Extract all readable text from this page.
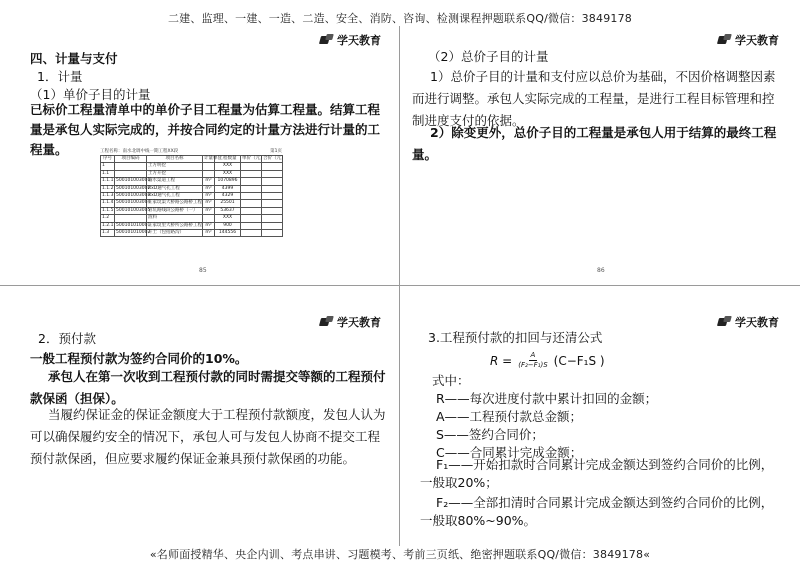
二建、监理、一建、一造、二造、安全、消防、咨询、检测课程押题联系QQ/微信：3849178
学天教育
四、计量与支付
1．计量
（1）单价子目的计量
已标价工程量清单中的单价子目工程量为估算工程量。结算工程量是承包人实际完成的，并按合同约定的计量方法进行计量的工程量。	工程名称：南水北调中线一期工程XX段	第1页
序号	项目编码	项目名称	计量单位	工程数量	单价（元）	合价（元）
1		土方明挖		XXX		
1.1		土方开挖		XXX		
1.1.1	500101003001	输水渠道工程	m³	1070896		
1.1.2	500101003002	RxD通气孔工程	m³	4399		
1.1.3	500101003003	RxD通气孔工程	m³	4329		
1.1.4	500101003004	王家坟渠大桥路公路桥工程	m³	25501		
1.1.5	500101003005	管坑路线段公路桥（一）	m³	53637		
1.2		渣料		XXX		
1.2.1	500101010001	王家坟里大桥所公路桥工程	m³	900		
1.3	500101010002	开土（包括路沟）	m³	144556		
85
学天教育
（2）总价子目的计量
1）总价子目的计量和支付应以总价为基础，不因价格调整因素而进行调整。承包人实际完成的工程量，是进行工程目标管理和控制进度支付的依据。
2）除变更外，总价子目的工程量是承包人用于结算的最终工程量。
86
学天教育
2．预付款
一般工程预付款为签约合同价的10%。
承包人在第一次收到工程预付款的同时需提交等额的工程预付款保函（担保）。
当履约保证金的保证金额度大于工程预付款额度，发包人认为可以确保履约安全的情况下，承包人可与发包人协商不提交工程预付款保函，但应要求履约保证金兼具预付款保函的功能。
学天教育
3.工程预付款的扣回与还清公式
$R = \frac{A}{\text{(F₂−F₁)S}} (C-F_1S$ )
式中：
R——每次进度付款中累计扣回的金额；
A——工程预付款总金额；
S——签约合同价；
C——合同累计完成金额；
F₁——开始扣款时合同累计完成金额达到签约合同价的比例，一般取20%；
F₂——全部扣清时合同累计完成金额达到签约合同价的比例，一般取80%~90%。
«名师面授精华、央企内训、考点串讲、习题模考、考前三页纸、绝密押题联系QQ/微信：3849178«
